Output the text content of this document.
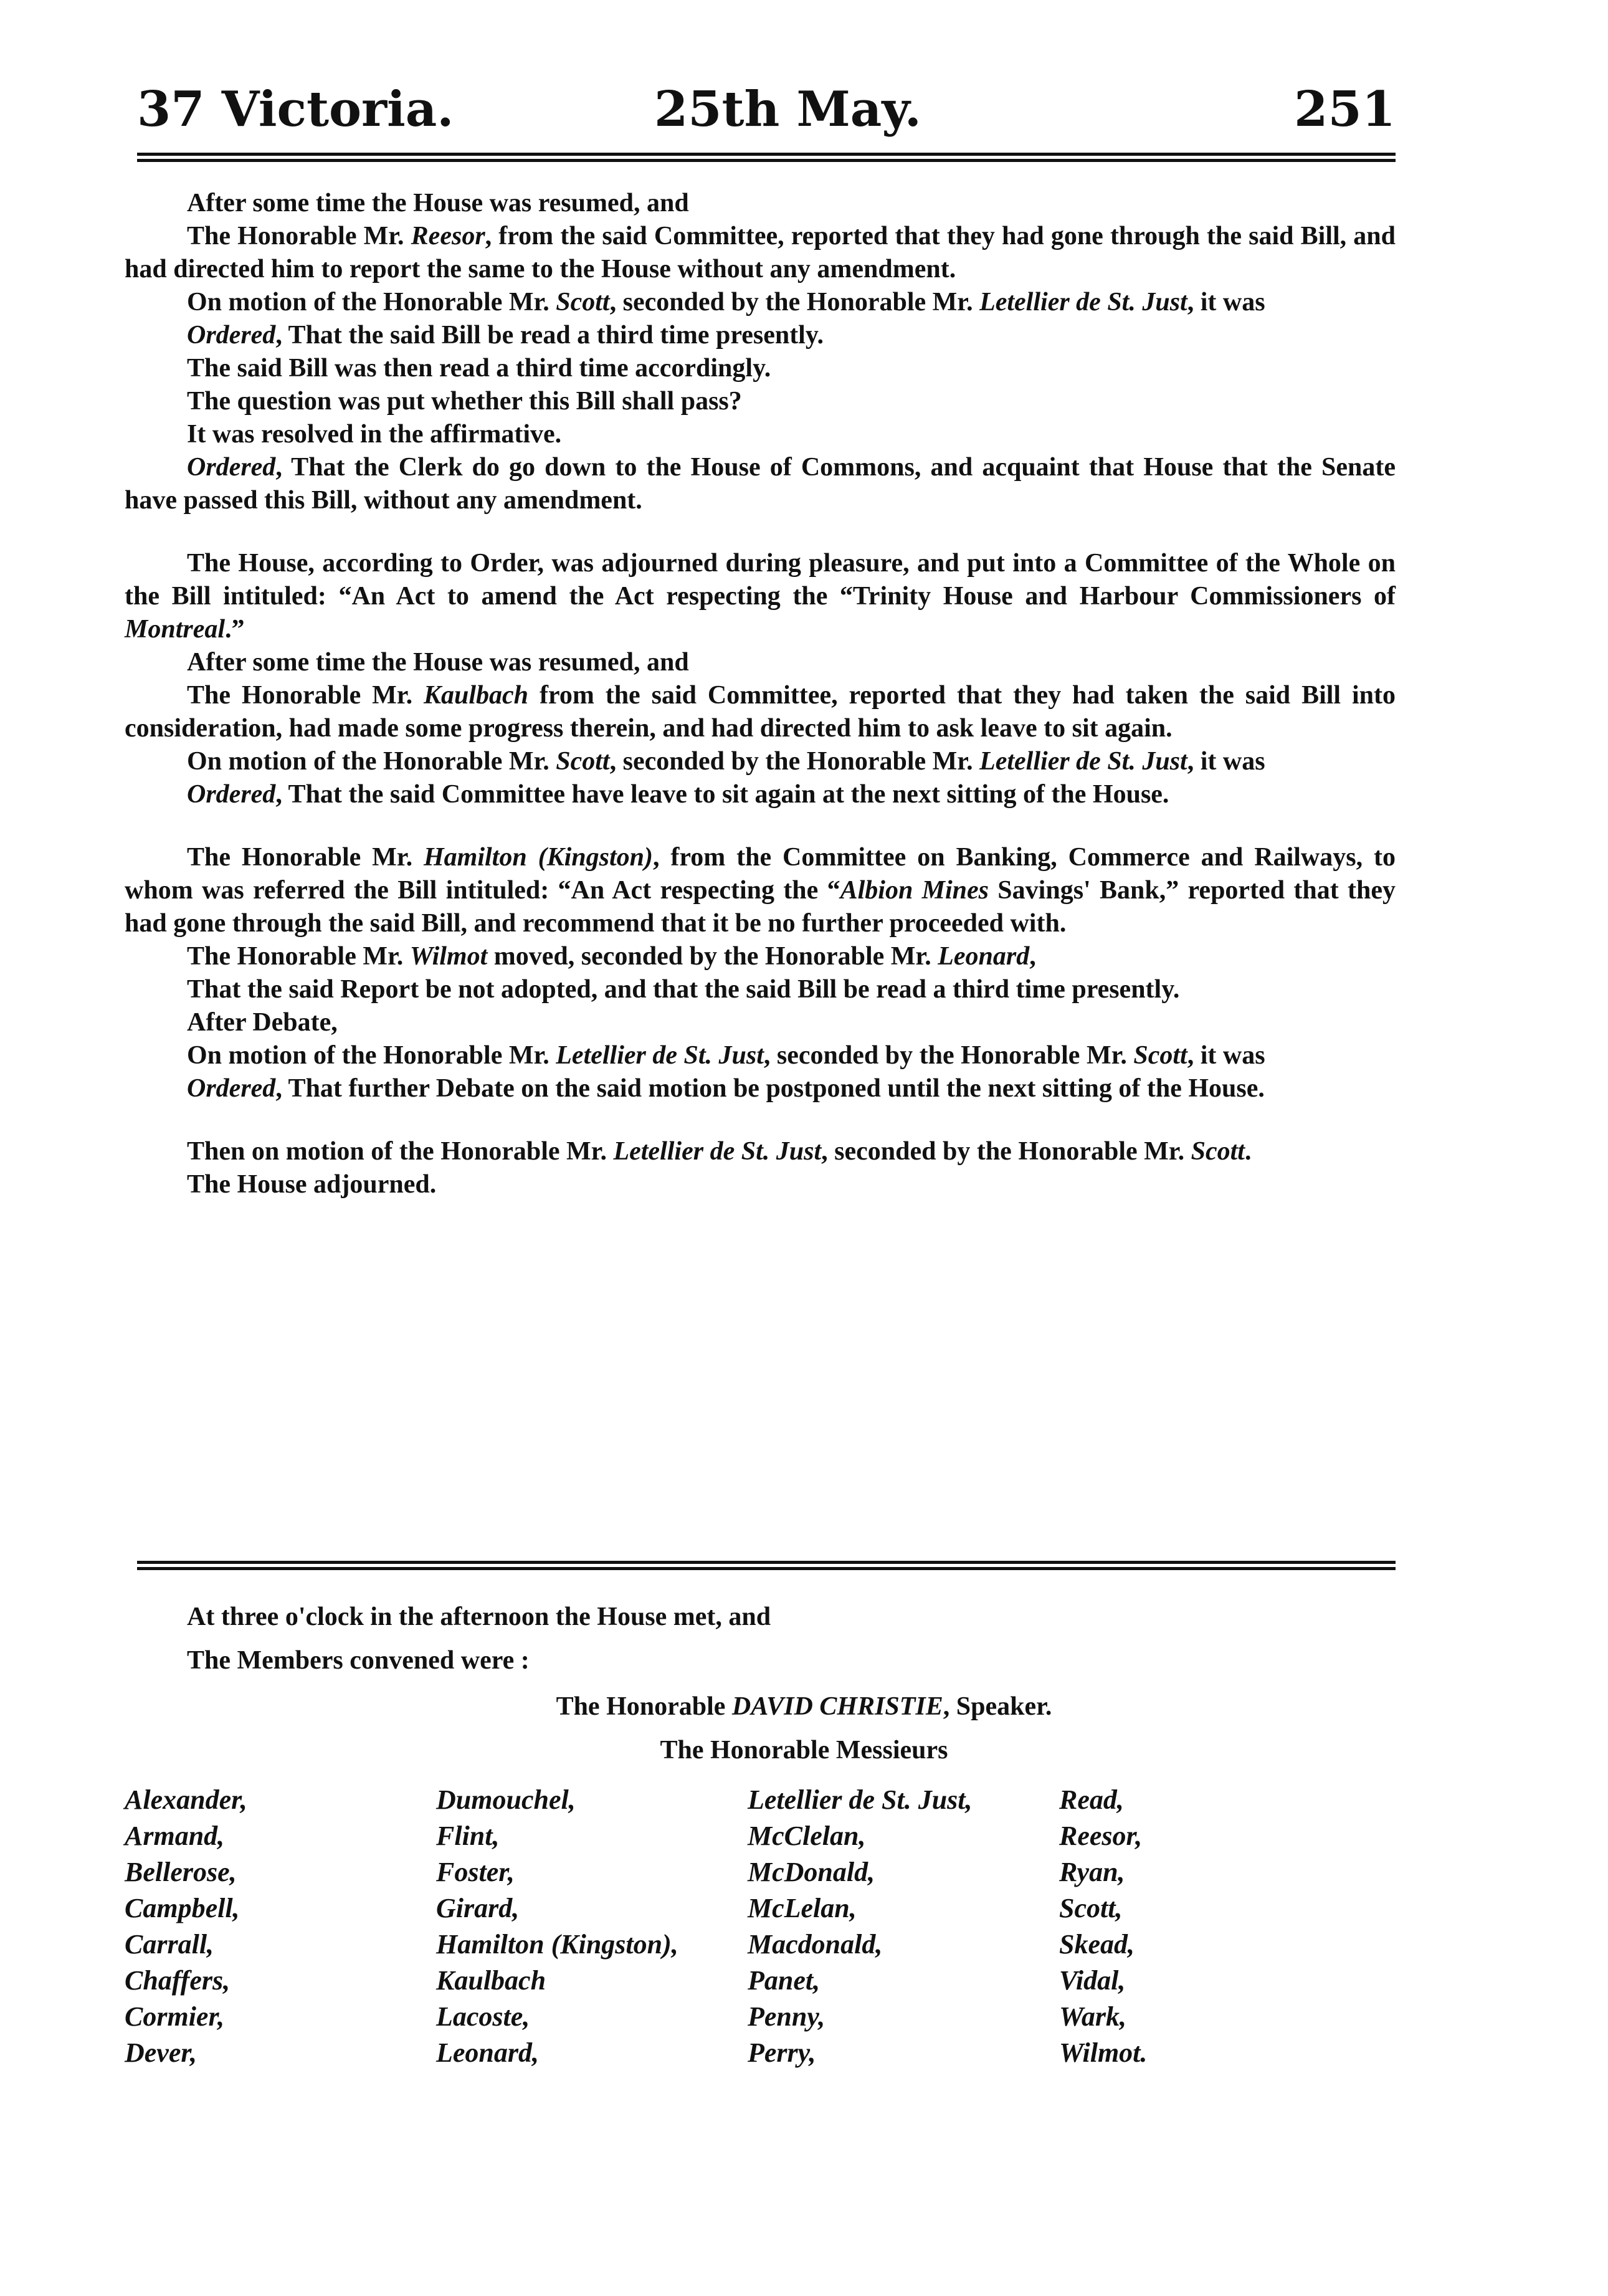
37 Victoria.	25th May.	251

After some time the House was resumed, and

The Honorable Mr. Reesor, from the said Committee, reported that they had gone through the said Bill, and had directed him to report the same to the House without any amendment.

On motion of the Honorable Mr. Scott, seconded by the Honorable Mr. Letellier de St. Just, it was

Ordered, That the said Bill be read a third time presently.

The said Bill was then read a third time accordingly.

The question was put whether this Bill shall pass?

It was resolved in the affirmative.

Ordered, That the Clerk do go down to the House of Commons, and acquaint that House that the Senate have passed this Bill, without any amendment.

The House, according to Order, was adjourned during pleasure, and put into a Committee of the Whole on the Bill intituled: “An Act to amend the Act respecting the “Trinity House and Harbour Commissioners of Montreal.”

After some time the House was resumed, and

The Honorable Mr. Kaulbach from the said Committee, reported that they had taken the said Bill into consideration, had made some progress therein, and had directed him to ask leave to sit again.

On motion of the Honorable Mr. Scott, seconded by the Honorable Mr. Letellier de St. Just, it was

Ordered, That the said Committee have leave to sit again at the next sitting of the House.

The Honorable Mr. Hamilton (Kingston), from the Committee on Banking, Commerce and Railways, to whom was referred the Bill intituled: “An Act respecting the “Albion Mines Savings' Bank,” reported that they had gone through the said Bill, and recommend that it be no further proceeded with.

The Honorable Mr. Wilmot moved, seconded by the Honorable Mr. Leonard,

That the said Report be not adopted, and that the said Bill be read a third time presently.

After Debate,

On motion of the Honorable Mr. Letellier de St. Just, seconded by the Honorable Mr. Scott, it was

Ordered, That further Debate on the said motion be postponed until the next sitting of the House.

Then on motion of the Honorable Mr. Letellier de St. Just, seconded by the Honorable Mr. Scott.

The House adjourned.

At three o'clock in the afternoon the House met, and

The Members convened were :

The Honorable DAVID CHRISTIE, Speaker.
The Honorable Messieurs
Alexander,
Armand,
Bellerose,
Campbell,
Carrall,
Chaffers,
Cormier,
Dever,
Dumouchel,
Flint,
Foster,
Girard,
Hamilton (Kingston),
Kaulbach
Lacoste,
Leonard,
Letellier de St. Just,
McClelan,
McDonald,
McLelan,
Macdonald,
Panet,
Penny,
Perry,
Read,
Reesor,
Ryan,
Scott,
Skead,
Vidal,
Wark,
Wilmot.
